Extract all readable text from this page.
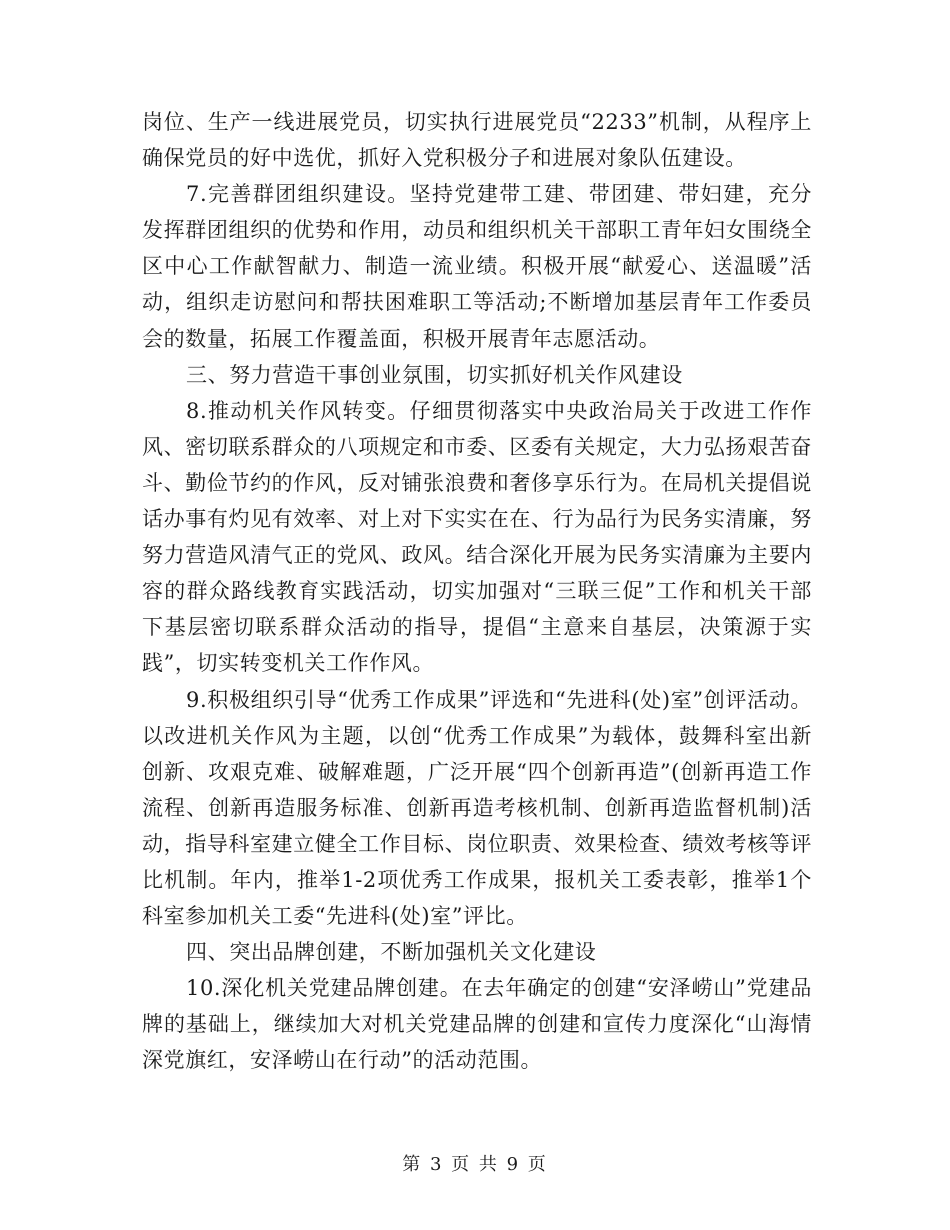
岗位、生产一线进展党员，切实执行进展党员“2233”机制，从程序上确保党员的好中选优，抓好入党积极分子和进展对象队伍建设。

7.完善群团组织建设。坚持党建带工建、带团建、带妇建，充分发挥群团组织的优势和作用，动员和组织机关干部职工青年妇女围绕全区中心工作献智献力、制造一流业绩。积极开展“献爱心、送温暖”活动，组织走访慰问和帮扶困难职工等活动;不断增加基层青年工作委员会的数量，拓展工作覆盖面，积极开展青年志愿活动。

三、努力营造干事创业氛围，切实抓好机关作风建设

8.推动机关作风转变。仔细贯彻落实中央政治局关于改进工作作风、密切联系群众的八项规定和市委、区委有关规定，大力弘扬艰苦奋斗、勤俭节约的作风，反对铺张浪费和奢侈享乐行为。在局机关提倡说话办事有灼见有效率、对上对下实实在在、行为品行为民务实清廉，努努力营造风清气正的党风、政风。结合深化开展为民务实清廉为主要内容的群众路线教育实践活动，切实加强对“三联三促”工作和机关干部下基层密切联系群众活动的指导，提倡“主意来自基层，决策源于实践”，切实转变机关工作作风。

9.积极组织引导“优秀工作成果”评选和“先进科(处)室”创评活动。以改进机关作风为主题，以创“优秀工作成果”为载体，鼓舞科室出新创新、攻艰克难、破解难题，广泛开展“四个创新再造”(创新再造工作流程、创新再造服务标准、创新再造考核机制、创新再造监督机制)活动，指导科室建立健全工作目标、岗位职责、效果检查、绩效考核等评比机制。年内，推举1-2项优秀工作成果，报机关工委表彰，推举1个科室参加机关工委“先进科(处)室”评比。

四、突出品牌创建，不断加强机关文化建设

10.深化机关党建品牌创建。在去年确定的创建“安泽崂山”党建品牌的基础上，继续加大对机关党建品牌的创建和宣传力度深化“山海情深党旗红，安泽崂山在行动”的活动范围。

第 3 页 共 9 页
